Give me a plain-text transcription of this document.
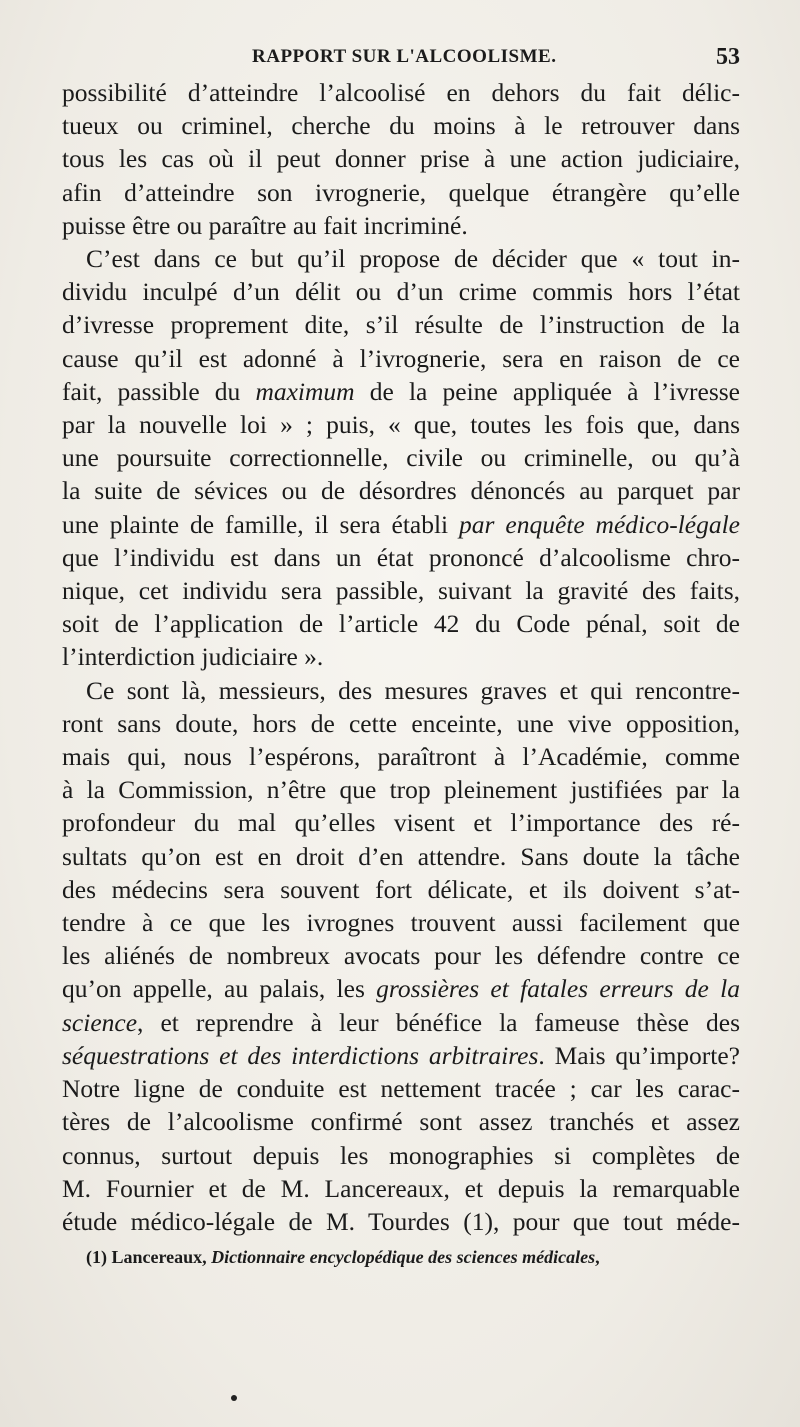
RAPPORT SUR L'ALCOOLISME.	53
possibilité d’atteindre l’alcoolisé en dehors du fait délic-
tueux ou criminel, cherche du moins à le retrouver dans
tous les cas où il peut donner prise à une action judiciaire,
afin d’atteindre son ivrognerie, quelque étrangère qu’elle
puisse être ou paraître au fait incriminé.
C’est dans ce but qu’il propose de décider que « tout in-
dividu inculpé d’un délit ou d’un crime commis hors l’état
d’ivresse proprement dite, s’il résulte de l’instruction de la
cause qu’il est adonné à l’ivrognerie, sera en raison de ce
fait, passible du maximum de la peine appliquée à l’ivresse
par la nouvelle loi » ; puis, « que, toutes les fois que, dans
une poursuite correctionnelle, civile ou criminelle, ou qu’à
la suite de sévices ou de désordres dénoncés au parquet par
une plainte de famille, il sera établi par enquête médico-légale
que l’individu est dans un état prononcé d’alcoolisme chro-
nique, cet individu sera passible, suivant la gravité des faits,
soit de l’application de l’article 42 du Code pénal, soit de
l’interdiction judiciaire ».
Ce sont là, messieurs, des mesures graves et qui rencontre-
ront sans doute, hors de cette enceinte, une vive opposition,
mais qui, nous l’espérons, paraîtront à l’Académie, comme
à la Commission, n’être que trop pleinement justifiées par la
profondeur du mal qu’elles visent et l’importance des ré-
sultats qu’on est en droit d’en attendre. Sans doute la tâche
des médecins sera souvent fort délicate, et ils doivent s’at-
tendre à ce que les ivrognes trouvent aussi facilement que
les aliénés de nombreux avocats pour les défendre contre ce
qu’on appelle, au palais, les grossières et fatales erreurs de la
science, et reprendre à leur bénéfice la fameuse thèse des
séquestrations et des interdictions arbitraires. Mais qu’importe?
Notre ligne de conduite est nettement tracée ; car les carac-
tères de l’alcoolisme confirmé sont assez tranchés et assez
connus, surtout depuis les monographies si complètes de
M. Fournier et de M. Lancereaux, et depuis la remarquable
étude médico-légale de M. Tourdes (1), pour que tout méde-
(1) Lancereaux, Dictionnaire encyclopédique des sciences médicales,
